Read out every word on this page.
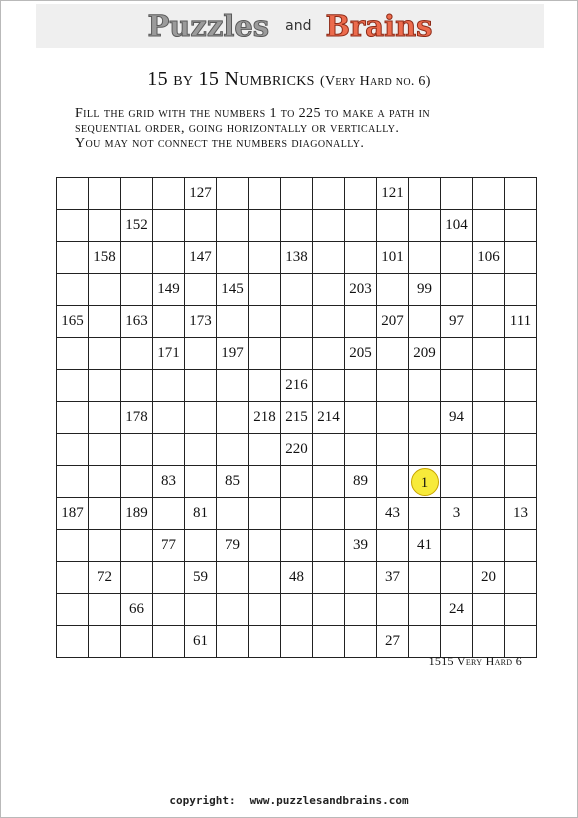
Puzzles and Brains
15 by 15 Numbricks (Very Hard no. 6)
Fill the grid with the numbers 1 to 225 to make a path in
sequential order, going horizontally or vertically.
You may not connect the numbers diagonally.
				127						121				
		152										104		
	158			147			138			101			106	
			149		145				203		99			
165		163		173						207		97		111
			171		197				205		209			
							216							
		178				218	215	214				94		
							220							
			83		85				89		1			
187		189		81						43		3		13
			77		79				39		41			
	72			59			48			37			20	
		66										24		
				61						27				
1515 Very Hard 6
copyright: www.puzzlesandbrains.com
